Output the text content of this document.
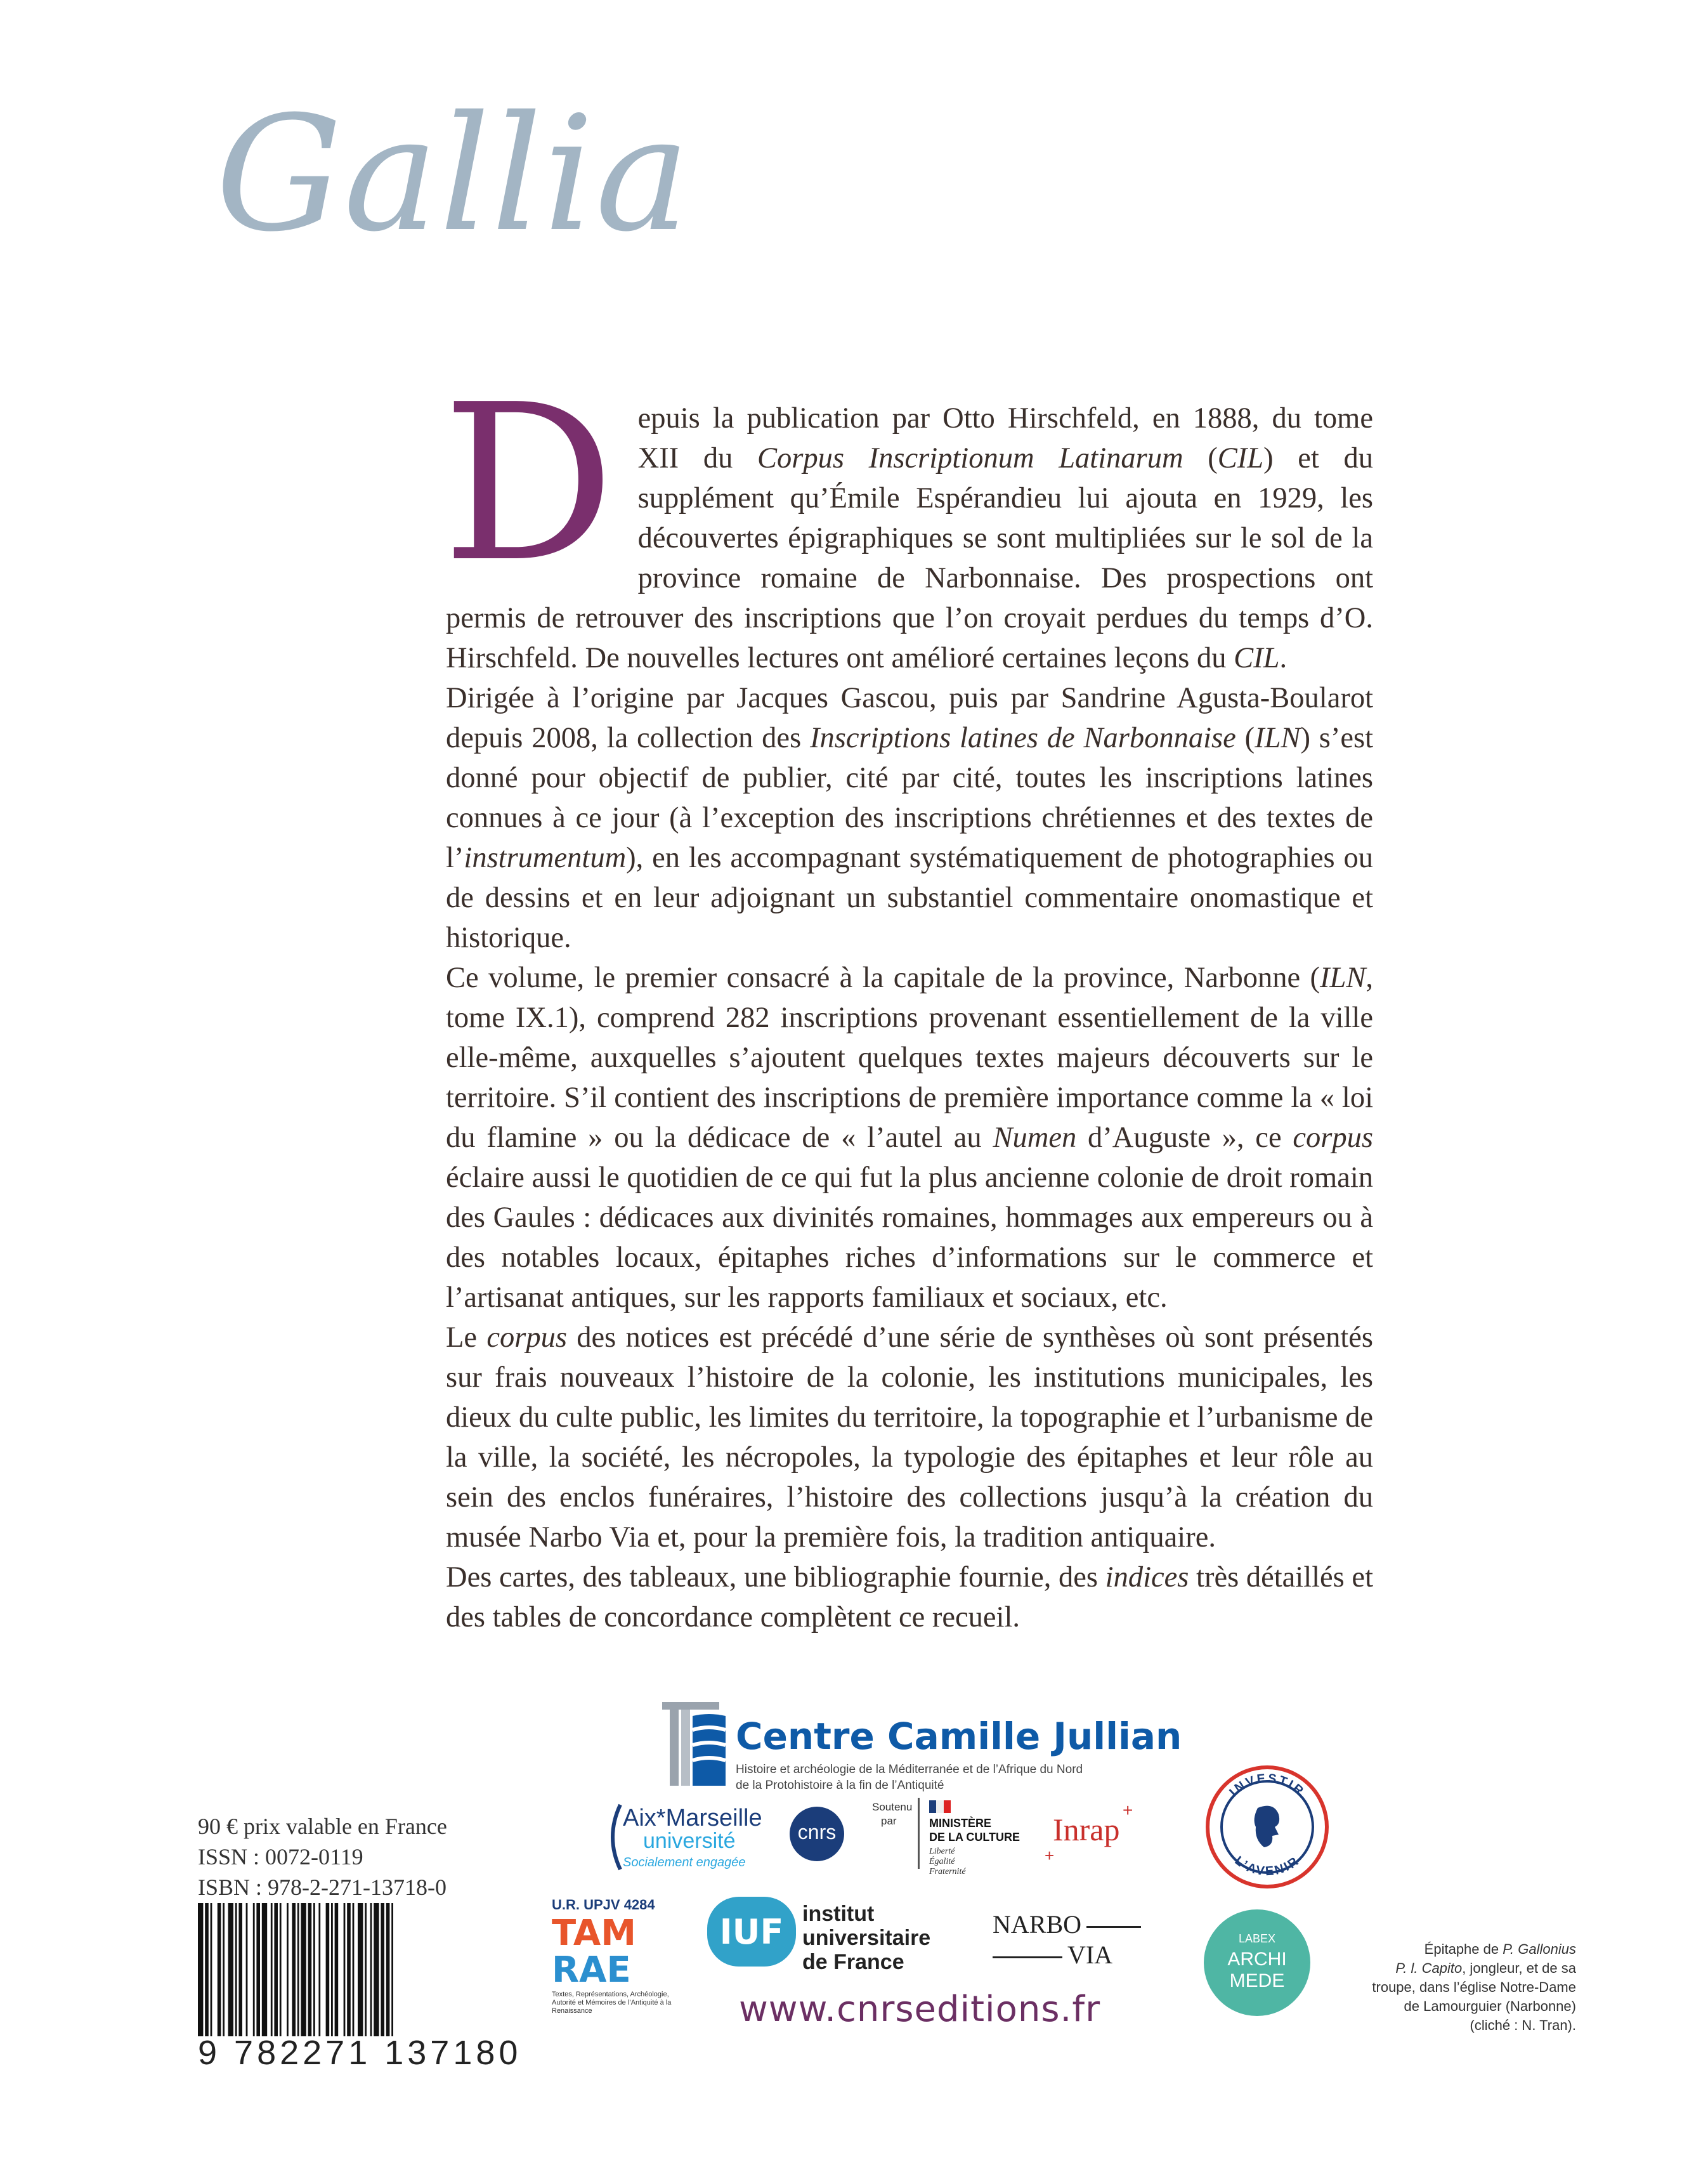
Gallia

Depuis la publication par Otto Hirschfeld, en 1888, du tome XII du Corpus Inscriptionum Latinarum (CIL) et du supplément qu’Émile Espérandieu lui ajouta en 1929, les découvertes épigraphiques se sont multipliées sur le sol de la province romaine de Narbonnaise. Des prospections ont permis de retrouver des inscriptions que l’on croyait perdues du temps d’O. Hirschfeld. De nouvelles lectures ont amélioré certaines leçons du CIL.

Dirigée à l’origine par Jacques Gascou, puis par Sandrine Agusta-Boularot depuis 2008, la collection des Inscriptions latines de Narbonnaise (ILN) s’est donné pour objectif de publier, cité par cité, toutes les inscriptions latines connues à ce jour (à l’exception des inscriptions chrétiennes et des textes de l’instrumentum), en les accompagnant systématiquement de photographies ou de dessins et en leur adjoignant un substantiel commentaire onomastique et historique.

Ce volume, le premier consacré à la capitale de la province, Narbonne (ILN, tome IX.1), comprend 282 inscriptions provenant essentiellement de la ville elle-même, auxquelles s’ajoutent quelques textes majeurs découverts sur le territoire. S’il contient des inscriptions de première importance comme la « loi du flamine » ou la dédicace de « l’autel au Numen d’Auguste », ce corpus éclaire aussi le quotidien de ce qui fut la plus ancienne colonie de droit romain des Gaules : dédicaces aux divinités romaines, hommages aux empereurs ou à des notables locaux, épitaphes riches d’informations sur le commerce et l’artisanat antiques, sur les rapports familiaux et sociaux, etc.

Le corpus des notices est précédé d’une série de synthèses où sont présentés sur frais nouveaux l’histoire de la colonie, les institutions municipales, les dieux du culte public, les limites du territoire, la topographie et l’urbanisme de la ville, la société, les nécropoles, la typologie des épitaphes et leur rôle au sein des enclos funéraires, l’histoire des collections jusqu’à la création du musée Narbo Via et, pour la première fois, la tradition antiquaire.

Des cartes, des tableaux, une bibliographie fournie, des indices très détaillés et des tables de concordance complètent ce recueil.

Centre Camille Jullian
Histoire et archéologie de la Méditerranée et de l’Afrique du Nord
de la Protohistoire à la fin de l’Antiquité
90 € prix valable en France
ISSN : 0072-0119
ISBN : 978-2-271-13718-0
9 782271 137180
Aix*Marseille
université
Socialement engagée
cnrs
Soutenu
par	MINISTÈRE
DE LA CULTURE
Liberté
Égalité
Fraternité
Inrap
+
+
INVESTIR
L’AVENIR
U.R. UPJV 4284
TAM
RAE
Textes, Représentations, Archéologie, Autorité et Mémoires de l’Antiquité à la Renaissance
IUF institut
universitaire
de France
NARBO
VIA
LABEX
ARCHI
MEDE
www.cnrseditions.fr
Épitaphe de P. Gallonius
P. l. Capito, jongleur, et de sa troupe, dans l’église Notre-Dame de Lamourguier (Narbonne) (cliché : N. Tran).
